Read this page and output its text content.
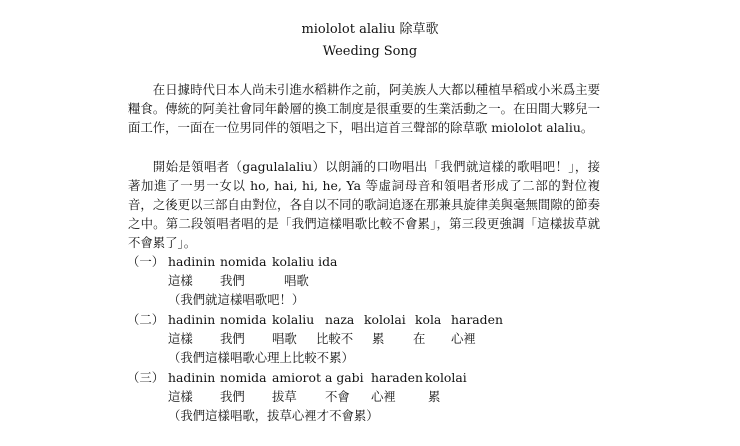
miololot alaliu 除草歌
Weeding Song

在日據時代日本人尚未引進水稻耕作之前，阿美族人大都以種植旱稻或小米爲主要糧食。傳統的阿美社會同年齡層的換工制度是很重要的生業活動之一。在田間大夥兒一面工作，一面在一位男同伴的領唱之下，唱出這首三聲部的除草歌 miololot alaliu。

開始是領唱者（gagulalaliu）以朗誦的口吻唱出「我們就這樣的歌唱吧！」，接著加進了一男一女以 ho, hai, hi, he, Ya 等虛詞母音和領唱者形成了二部的對位複音，之後更以三部自由對位，各自以不同的歌詞追逐在那兼具旋律美與毫無間隙的節奏之中。第二段領唱者唱的是「我們這樣唱歌比較不會累」，第三段更強調「這樣拔草就不會累了」。

（一） hadinin nomida kolaliu ida
這樣 我們	唱歌
（我們就這樣唱歌吧！）
（二） hadinin nomida kolaliu naza kololai kola haraden
這樣 我們 唱歌 比較不 累 在 心裡
（我們這樣唱歌心理上比較不累）
（三） hadinin nomida amiorot a gabi haraden kololai
這樣 我們 拔草 不會 心裡	累
（我們這樣唱歌，拔草心裡才不會累）
